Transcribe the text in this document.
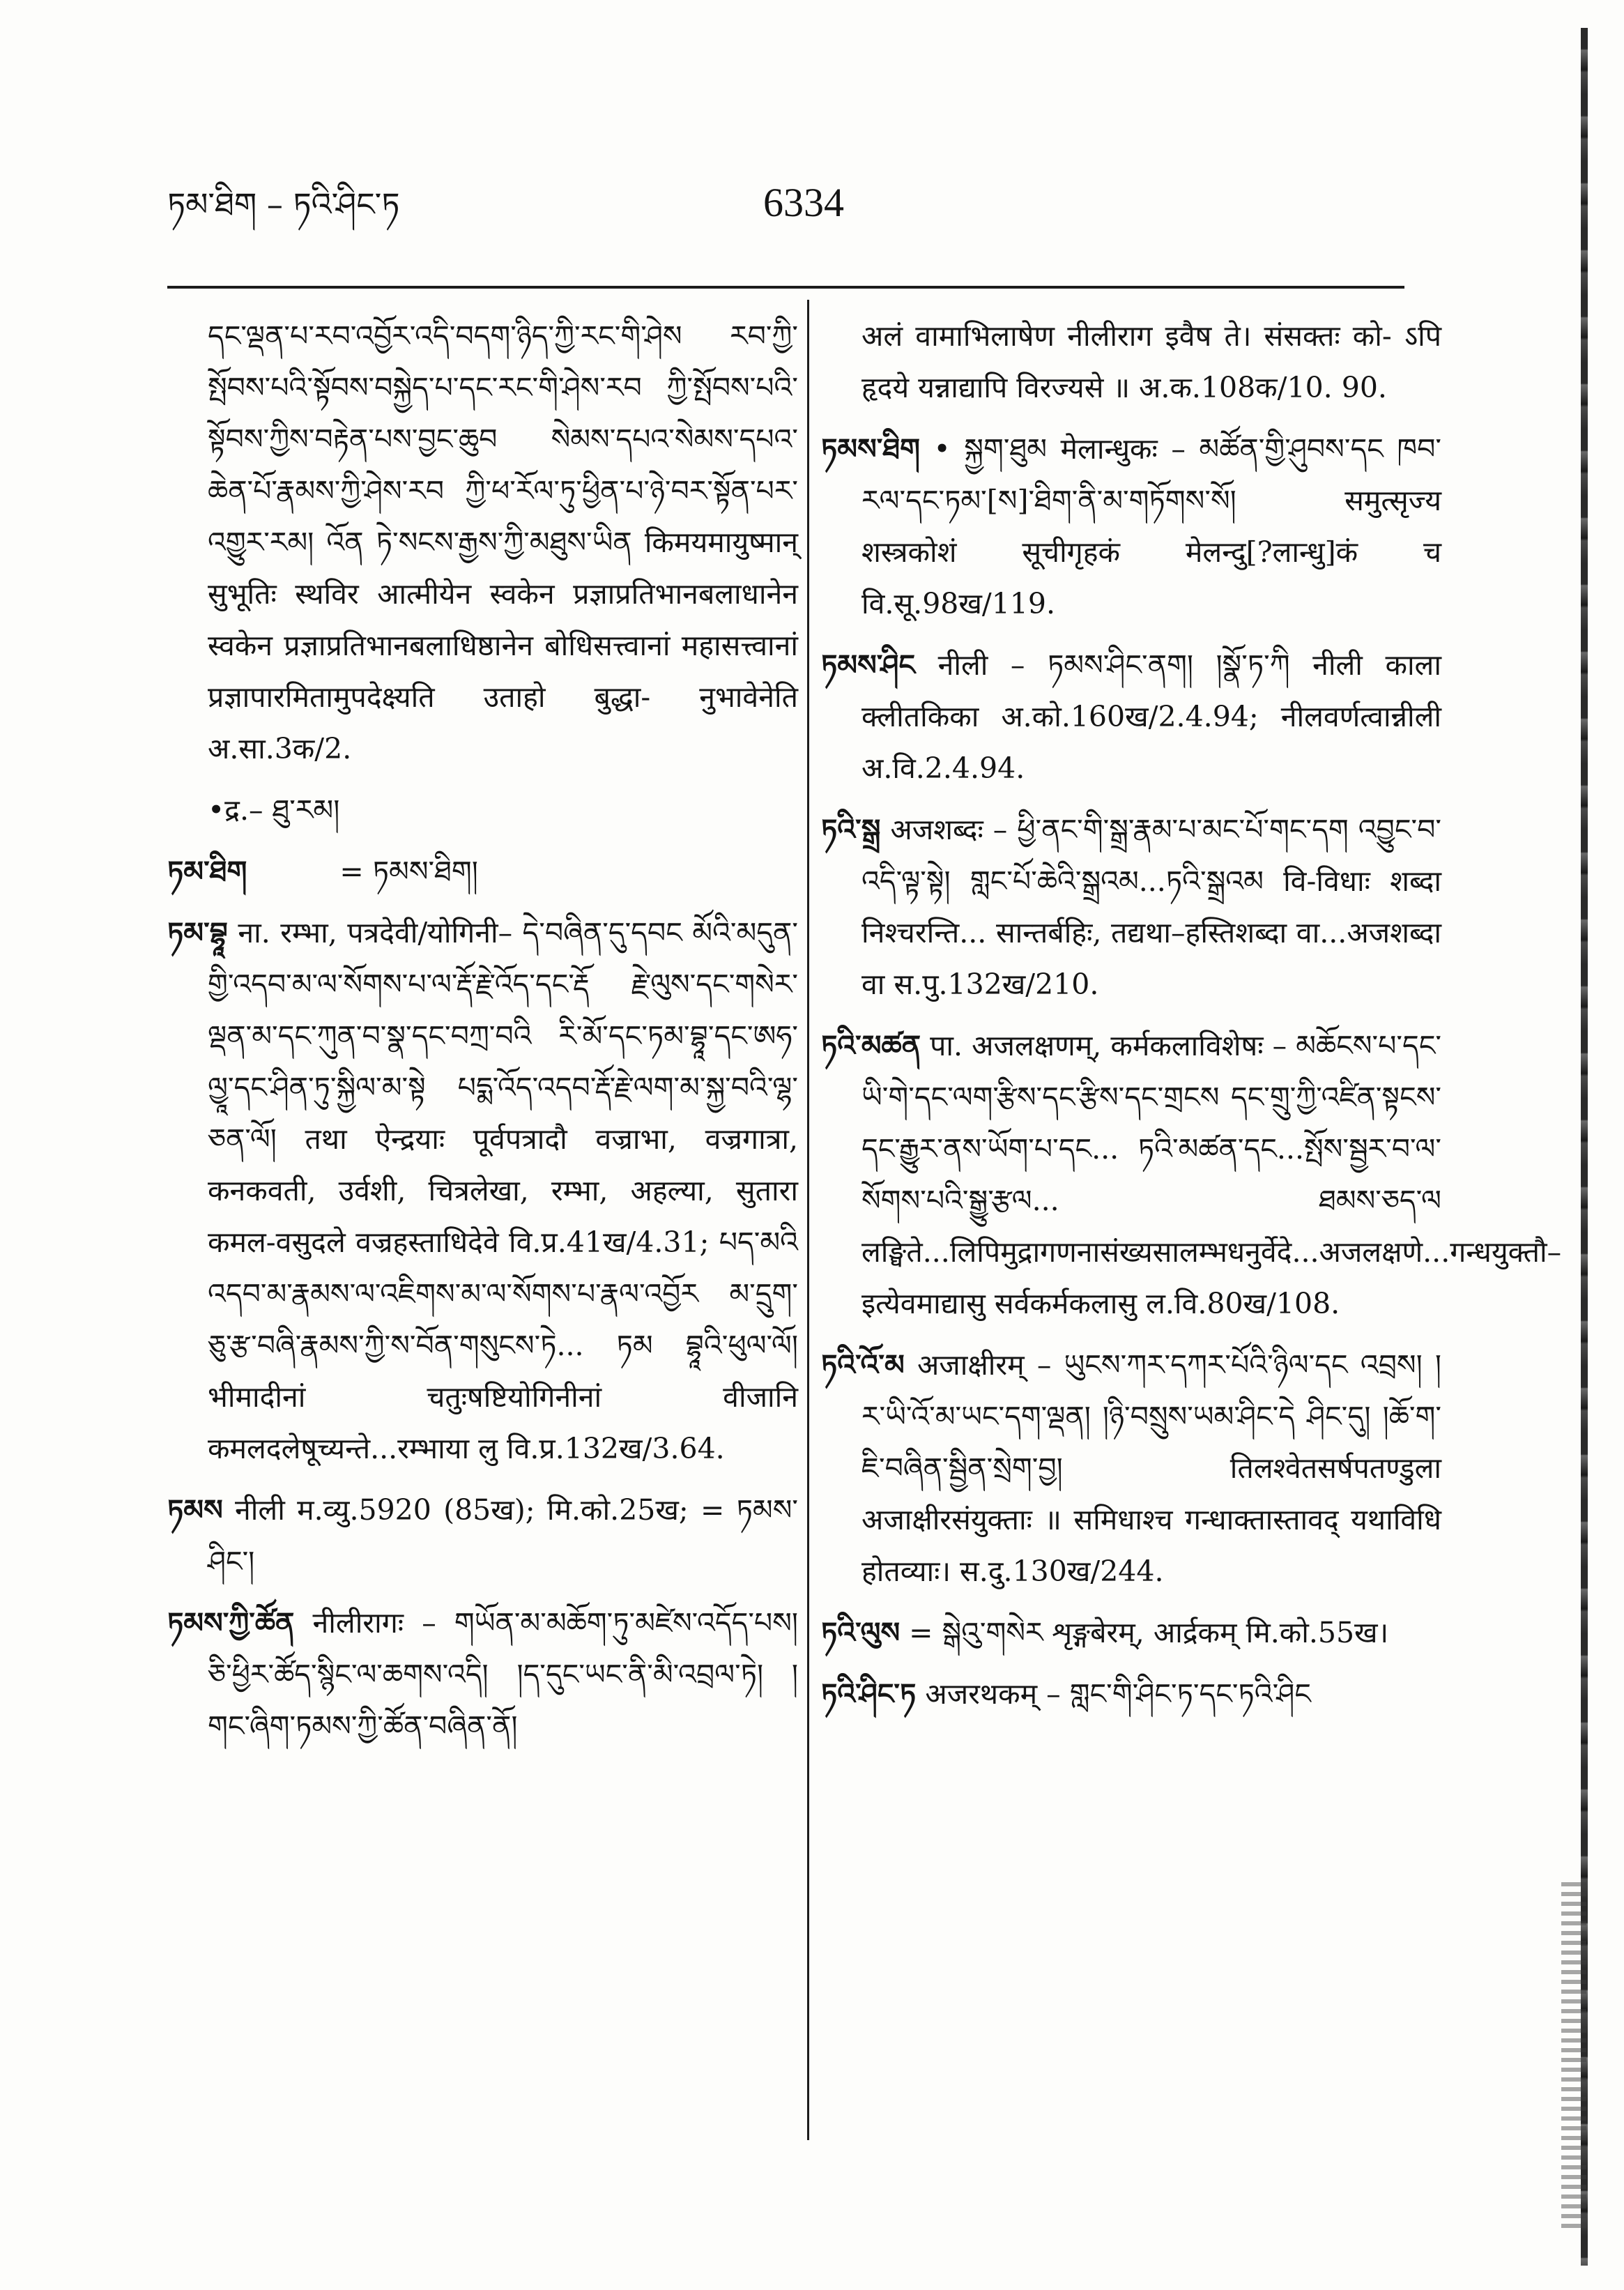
ཏམ་ཐིག – ཏའི་ཤིང་ཏ	6334
དང་ལྡན་པ་རབ་འབྱོར་འདི་བདག་ཉིད་ཀྱི་རང་གི་ཤེས རབ་ཀྱི་སྤོབས་པའི་སྟོབས་བསྐྱེད་པ་དང་རང་གི་ཤེས་རབ ཀྱི་སྤོབས་པའི་སྟོབས་ཀྱིས་བརྟེན་པས་བྱང་ཆུབ སེམས་དཔའ་སེམས་དཔའ་ཆེན་པོ་རྣམས་ཀྱི་ཤེས་རབ ཀྱི་ཕ་རོལ་ཏུ་ཕྱིན་པ་ཉེ་བར་སྟོན་པར་འགྱུར་རམ། འོན ཏེ་སངས་རྒྱས་ཀྱི་མཐུས་ཡིན किमयमायुष्मान् सुभूतिः स्थविर आत्मीयेन स्वकेन प्रज्ञाप्रतिभानबलाधानेन स्वकेन प्रज्ञाप्रतिभानबलाधिष्ठानेन बोधिसत्त्वानां महासत्त्वानां प्रज्ञापारमितामुपदेक्ष्यति उताहो बुद्धा- नुभावेनेति अ.सा.3क/2.
•द्र.– ཐུ་རམ།
ཏམ་ཐིག	= ཏམས་ཐིག།
ཏམ་བྷཱ ना. रम्भा, पत्रदेवी/योगिनी– དེ་བཞིན་དུ་དབང མོའི་མདུན་གྱི་འདབ་མ་ལ་སོགས་པ་ལ་རྡོ་རྗེ་འོད་དང་རྡོ རྗེ་ལུས་དང་གསེར་ལྡན་མ་དང་ཀུན་བ་སྣ་དང་བཀྲ་བའི རི་མོ་དང་ཏམ་བྷཱ་དང་ཨཧ་ལྱཱ་དང་ཤིན་ཏུ་སྐྱིལ་མ་སྟེ པདྨ་འོད་འདབ་རྡོ་རྗེ་ལག་མ་སྐྱ་བའི་ལྷ་ཅན་ལོ། तथा ऐन्द्रयाः पूर्वपत्रादौ वज्राभा, वज्रगात्रा, कनकवती, उर्वशी, चित्रलेखा, रम्भा, अहल्या, सुतारा कमल-वसुदले वज्रहस्ताधिदेवे वि.प्र.41ख/4.31; པད་མའི འདབ་མ་རྣམས་ལ་འཇིགས་མ་ལ་སོགས་པ་རྣལ་འབྱོར མ་དྲུག་ཅུ་རྩ་བཞི་རྣམས་ཀྱི་ས་བོན་གསུངས་ཏེ... ཏམ བྷཱའི་ཕུལ་ལོ། भीमादीनां चतुःषष्टियोगिनीनां वीजानि कमलदलेषूच्यन्ते...रम्भाया लु वि.प्र.132ख/3.64.
ཏམས नीली म.व्यु.5920 (85ख); मि.को.25ख; = ཏམས་ཤིང་།
ཏམས་ཀྱི་ཚོན नीलीरागः – གཡོན་མ་མཆོག་ཏུ་མཛེས་འདོད་པས། ཅི་ཕྱིར་ཚོད་སྙིང་ལ་ཆགས་འདི། །ད་དུང་ཡང་ནི་མི་འབྲལ་ཏེ། །གང་ཞིག་ཏམས་ཀྱི་ཚོན་བཞིན་ནོ།
अलं वामाभिलाषेण नीलीराग इवैष ते। संसक्तः को- ऽपि हृदये यन्नाद्यापि विरज्यसे ॥ अ.क.108क/10. 90.
ཏམས་ཐིག • སྐྱག་ཐུམ मेलान्धुकः – མཚོན་གྱི་ཤུབས་དང ཁབ་རལ་དང་ཏམ་[ས]་ཐིག་ནི་མ་གཏོགས་སོ། समुत्सृज्य शस्त्रकोशं सूचीगृहकं मेलन्दु[?लान्धु]कं च वि.सू.98ख/119.
ཏམས་ཤིང नीली – ཏམས་ཤིང་ནག། །སྣོ་ཏ་ཀི नीली काला क्लीतकिका अ.को.160ख/2.4.94; नीलवर्णत्वान्नीली अ.वि.2.4.94.
ཏའི་སྒྲ अजशब्दः – ཕྱི་ནང་གི་སྒྲ་རྣམ་པ་མང་པོ་གང་དག འབྱུང་བ་འདི་ལྟ་སྟེ། གླང་པོ་ཆེའི་སྒྲའམ...ཏའི་སྒྲའམ वि-विधाः शब्दा निश्चरन्ति... सान्तर्बहिः, तद्यथा–हस्तिशब्दा वा...अजशब्दा वा स.पु.132ख/210.
ཏའི་མཚན पा. अजलक्षणम्, कर्मकलाविशेषः – མཆོངས་པ་དང་ཡི་གེ་དང་ལག་རྩིས་དང་རྩིས་དང་གྲངས དང་གྲུ་ཀྱི་འཛིན་སྟངས་དང་རྒྱུར་ནས་ཡོག་པ་དང... ཏའི་མཚན་དང...སྤོས་སྦྱར་བ་ལ་སོགས་པའི་སྒྱུ་རྩལ... ཐམས་ཅད་ལ लङ्घिते...लिपिमुद्रागणनासंख्यसालम्भधनुर्वेदे...अजलक्षणे...गन्धयुक्तौ–इत्येवमाद्यासु सर्वकर्मकलासु ल.वि.80ख/108.
ཏའི་འོ་མ अजाक्षीरम् – ཡུངས་ཀར་དཀར་པོའི་ཉིལ་དང འབྲས། །ར་ཡི་འོ་མ་ཡང་དག་ལྡན། །ཉི་བསྲུས་ཡམ་ཤིང་དེ ཤིང་དུ། །ཆོ་ག་ཇི་བཞིན་སྦྱིན་སྲེག་བྱ། तिलश्वेतसर्षपतण्डुला अजाक्षीरसंयुक्ताः ॥ समिधाश्च गन्धाक्तास्तावद् यथाविधि होतव्याः। स.दु.130ख/244.
ཏའི་ལུས = སྒེའུ་གསེར शृङ्गबेरम्, आर्द्रकम् मि.को.55ख।
ཏའི་ཤིང་ཏ अजरथकम् – གླང་གི་ཤིང་ཏ་དང་ཏའི་ཤིང
